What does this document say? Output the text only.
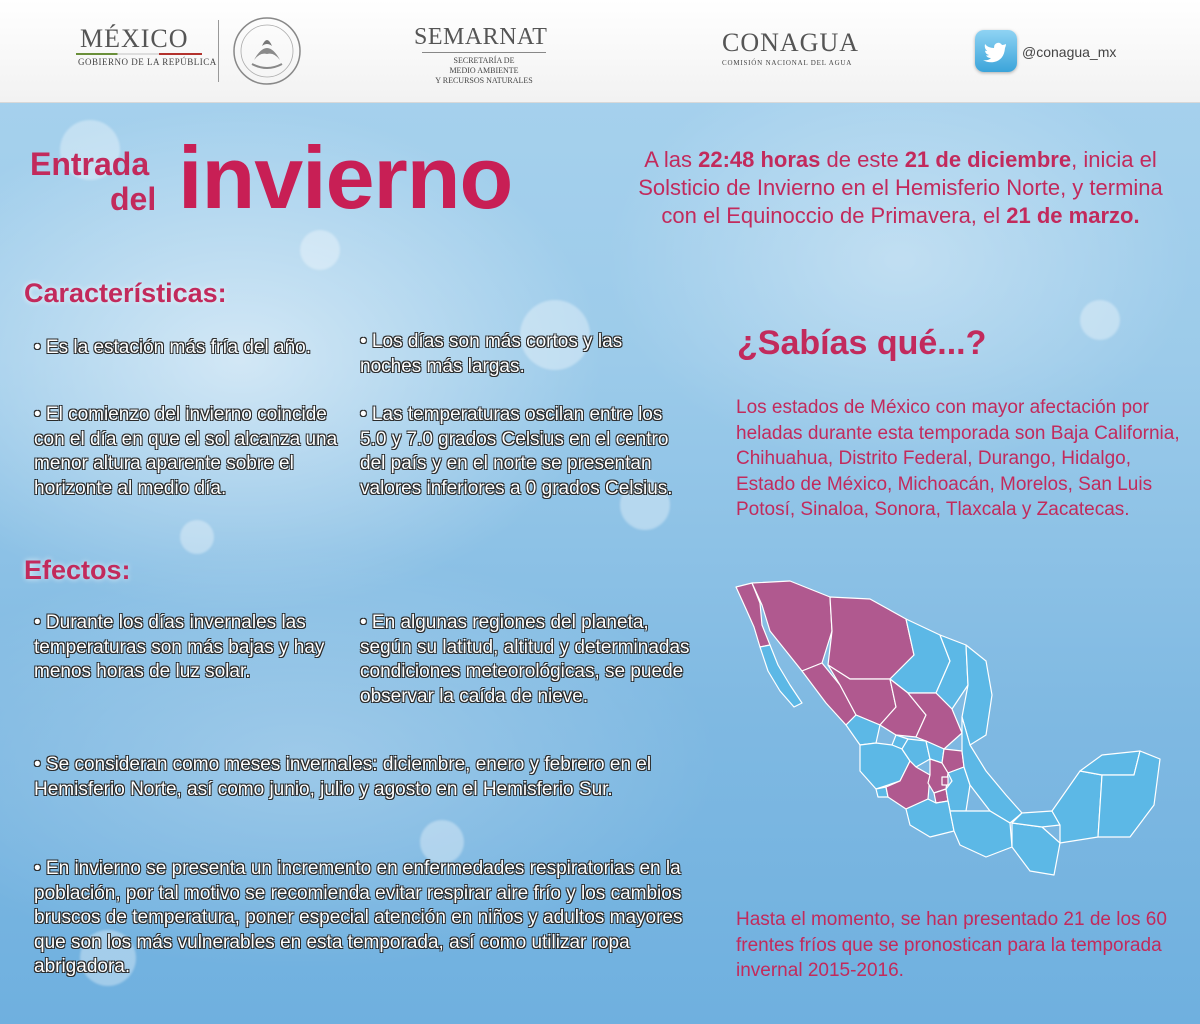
MÉXICO
GOBIERNO DE LA REPÚBLICA
SEMARNAT
SECRETARÍA DE
MEDIO AMBIENTE
Y RECURSOS NATURALES
CONAGUA
COMISIÓN NACIONAL DEL AGUA
@conagua_mx
Entrada
del invierno	A las 22:48 horas de este 21 de diciembre, inicia el Solsticio de Invierno en el Hemisferio Norte, y termina con el Equinoccio de Primavera, el 21 de marzo.
Características:
• Es la estación más fría del año.
• El comienzo del invierno coincide con el día en que el sol alcanza una menor altura aparente sobre el horizonte al medio día.
• Los días son más cortos y las noches más largas.
• Las temperaturas oscilan entre los 5.0 y 7.0 grados Celsius en el centro del país y en el norte se presentan valores inferiores a 0 grados Celsius.
Efectos:
• Durante los días invernales las temperaturas son más bajas y hay menos horas de luz solar.
• En algunas regiones del planeta, según su latitud, altitud y determinadas condiciones meteorológicas, se puede observar la caída de nieve.
• Se consideran como meses invernales: diciembre, enero y febrero en el Hemisferio Norte, así como junio, julio y agosto en el Hemisferio Sur.
• En invierno se presenta un incremento en enfermedades respiratorias en la población, por tal motivo se recomienda evitar respirar aire frío y los cambios bruscos de temperatura, poner especial atención en niños y adultos mayores que son los más vulnerables en esta temporada, así como utilizar ropa abrigadora.
¿Sabías qué...?
Los estados de México con mayor afectación por heladas durante esta temporada son Baja California, Chihuahua, Distrito Federal, Durango, Hidalgo, Estado de México, Michoacán, Morelos, San Luis Potosí, Sinaloa, Sonora, Tlaxcala y Zacatecas.
Hasta el momento, se han presentado 21 de los 60 frentes fríos que se pronostican para la temporada invernal 2015-2016.
